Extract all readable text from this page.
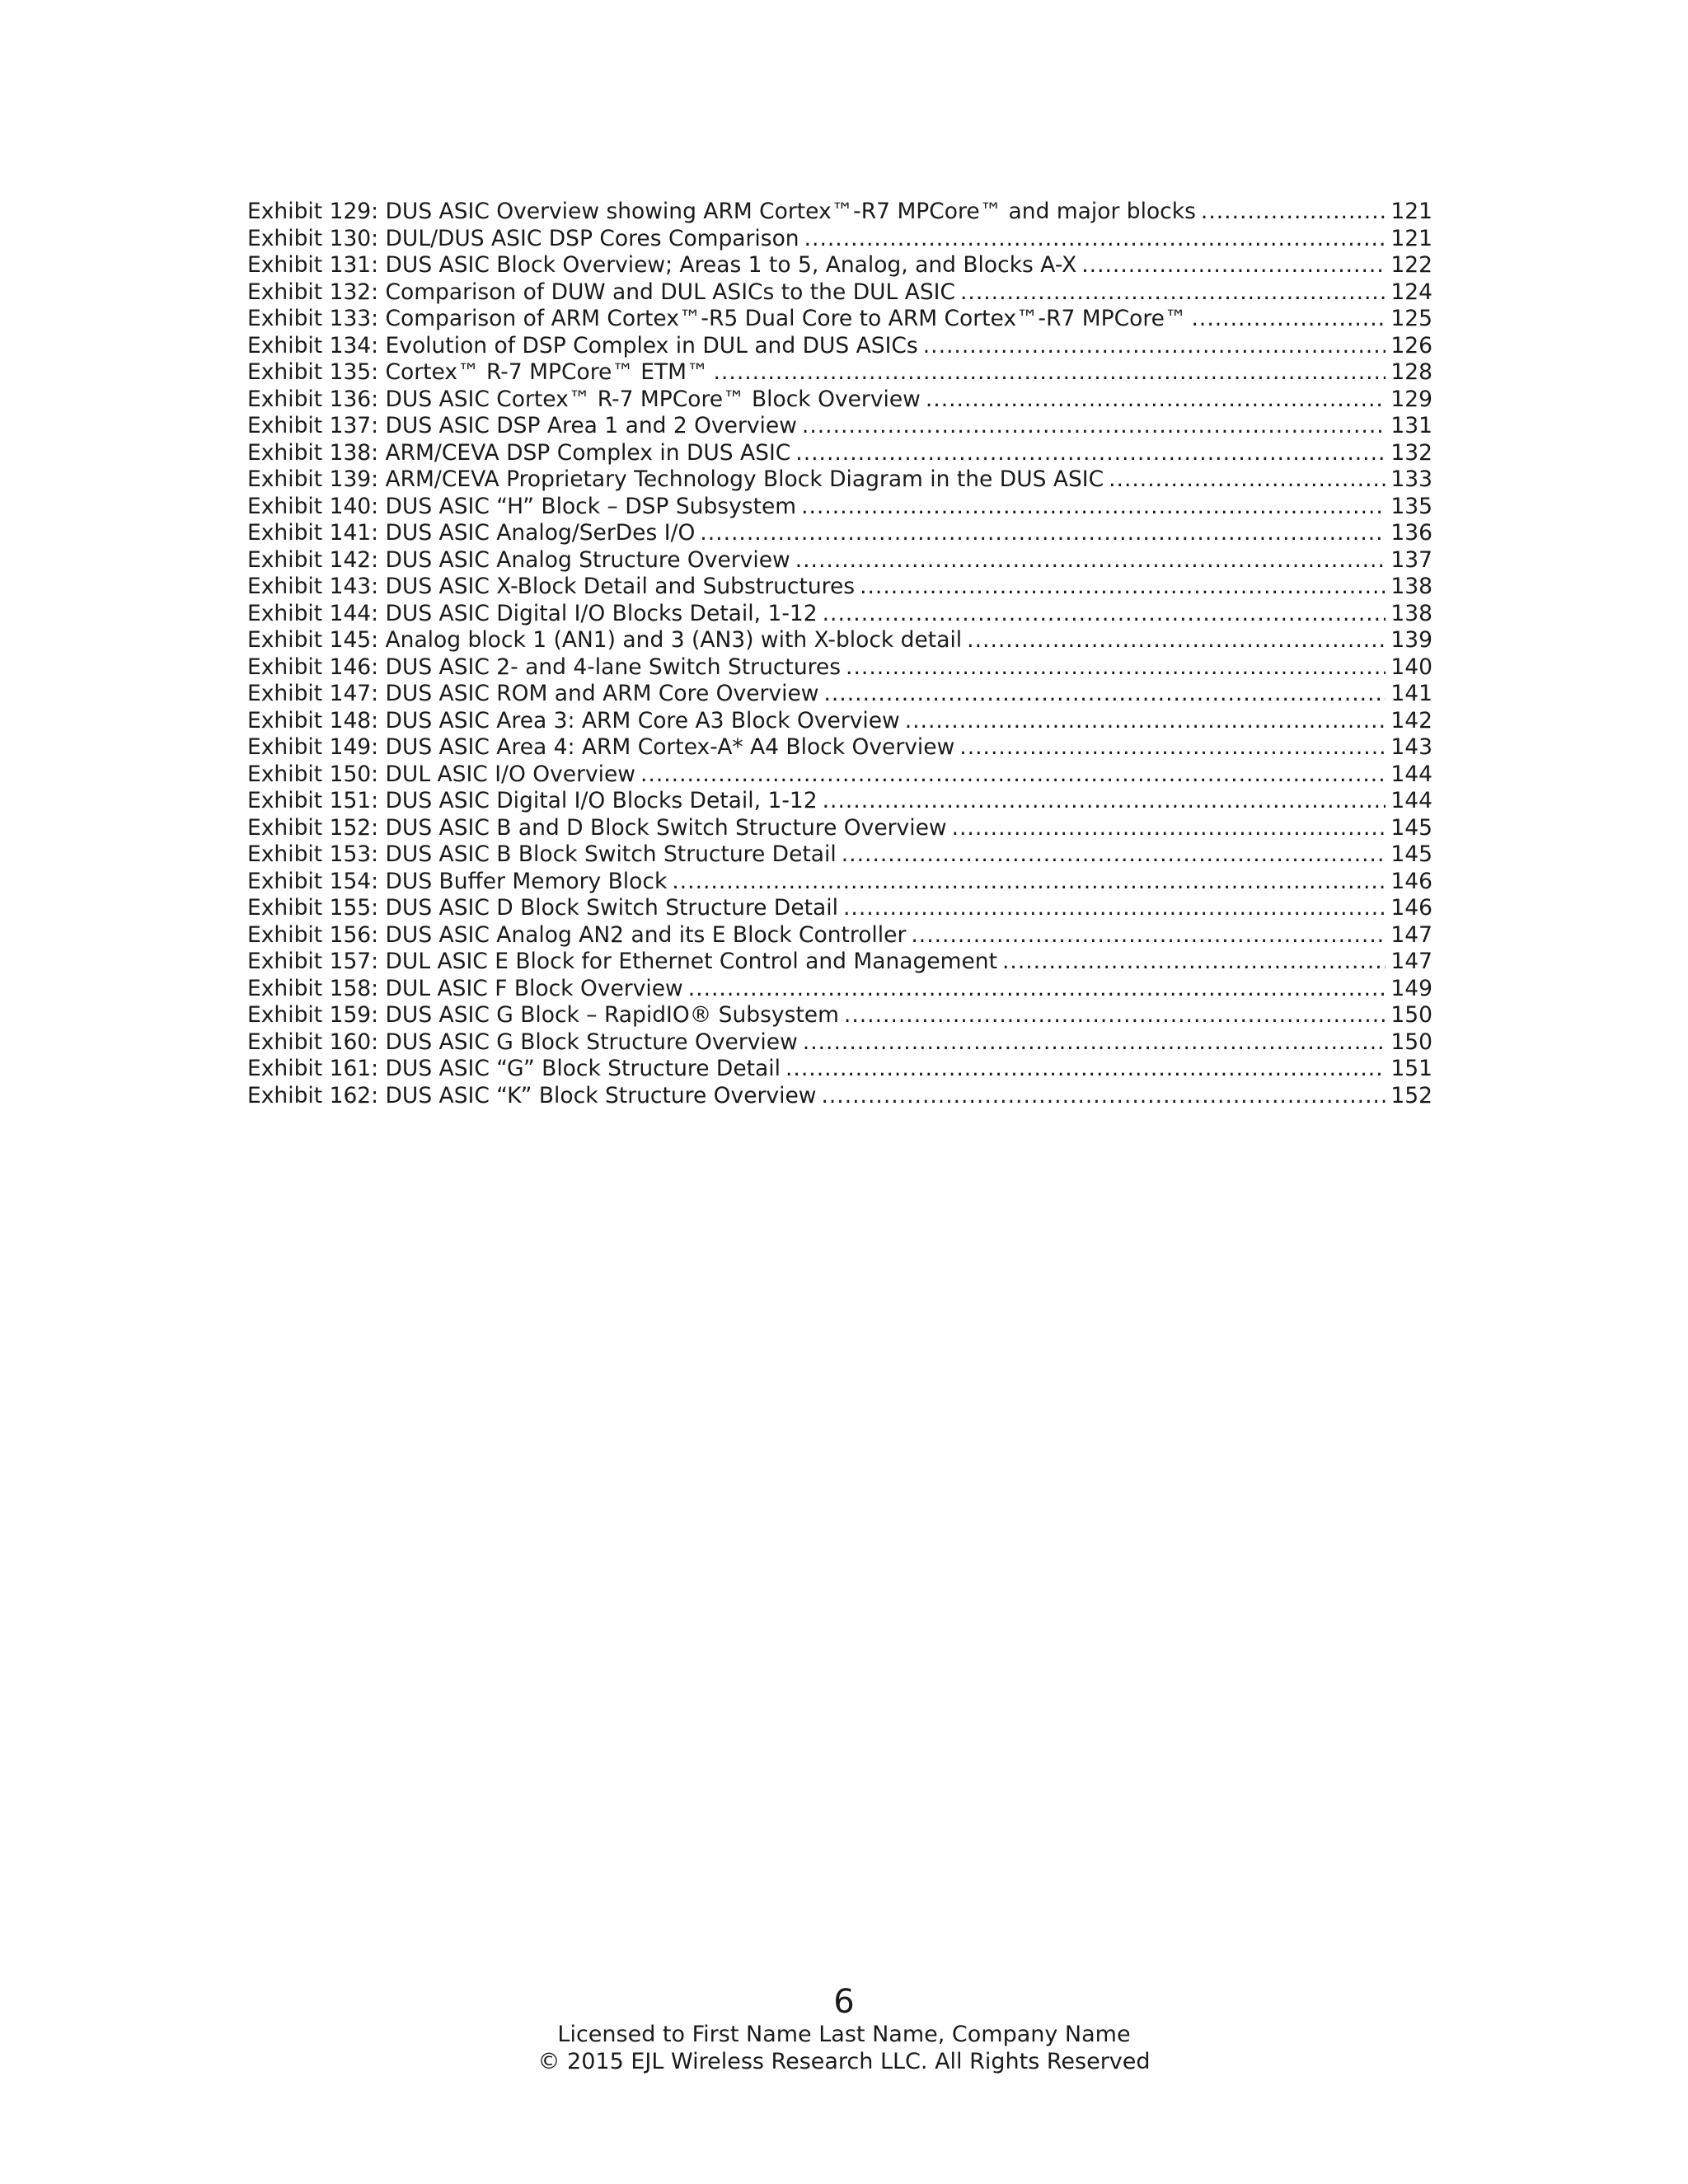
Exhibit 129: DUS ASIC Overview showing ARM Cortex™-R7 MPCore™ and major blocks .....	121
Exhibit 130: DUL/DUS ASIC DSP Cores Comparison .....	121
Exhibit 131: DUS ASIC Block Overview; Areas 1 to 5, Analog, and Blocks A-X .....	122
Exhibit 132: Comparison of DUW and DUL ASICs to the DUL ASIC .....	124
Exhibit 133: Comparison of ARM Cortex™-R5 Dual Core to ARM Cortex™-R7 MPCore™ .....	125
Exhibit 134: Evolution of DSP Complex in DUL and DUS ASICs .....	126
Exhibit 135: Cortex™ R-7 MPCore™ ETM™ .....	128
Exhibit 136: DUS ASIC Cortex™ R-7 MPCore™ Block Overview .....	129
Exhibit 137: DUS ASIC DSP Area 1 and 2 Overview .....	131
Exhibit 138: ARM/CEVA DSP Complex in DUS ASIC .....	132
Exhibit 139: ARM/CEVA Proprietary Technology Block Diagram in the DUS ASIC .....	133
Exhibit 140: DUS ASIC “H” Block – DSP Subsystem .....	135
Exhibit 141: DUS ASIC Analog/SerDes I/O .....	136
Exhibit 142: DUS ASIC Analog Structure Overview .....	137
Exhibit 143: DUS ASIC X-Block Detail and Substructures .....	138
Exhibit 144: DUS ASIC Digital I/O Blocks Detail, 1-12 .....	138
Exhibit 145: Analog block 1 (AN1) and 3 (AN3) with X-block detail .....	139
Exhibit 146: DUS ASIC 2- and 4-lane Switch Structures .....	140
Exhibit 147: DUS ASIC ROM and ARM Core Overview .....	141
Exhibit 148: DUS ASIC Area 3: ARM Core A3 Block Overview .....	142
Exhibit 149: DUS ASIC Area 4: ARM Cortex-A* A4 Block Overview .....	143
Exhibit 150: DUL ASIC I/O Overview .....	144
Exhibit 151: DUS ASIC Digital I/O Blocks Detail, 1-12 .....	144
Exhibit 152: DUS ASIC B and D Block Switch Structure Overview .....	145
Exhibit 153: DUS ASIC B Block Switch Structure Detail .....	145
Exhibit 154: DUS Buffer Memory Block .....	146
Exhibit 155: DUS ASIC D Block Switch Structure Detail .....	146
Exhibit 156: DUS ASIC Analog AN2 and its E Block Controller .....	147
Exhibit 157: DUL ASIC E Block for Ethernet Control and Management .....	147
Exhibit 158: DUL ASIC F Block Overview .....	149
Exhibit 159: DUS ASIC G Block – RapidIO® Subsystem .....	150
Exhibit 160: DUS ASIC G Block Structure Overview .....	150
Exhibit 161: DUS ASIC “G” Block Structure Detail .....	151
Exhibit 162: DUS ASIC “K” Block Structure Overview .....	152
6
Licensed to First Name Last Name, Company Name
© 2015 EJL Wireless Research LLC. All Rights Reserved
